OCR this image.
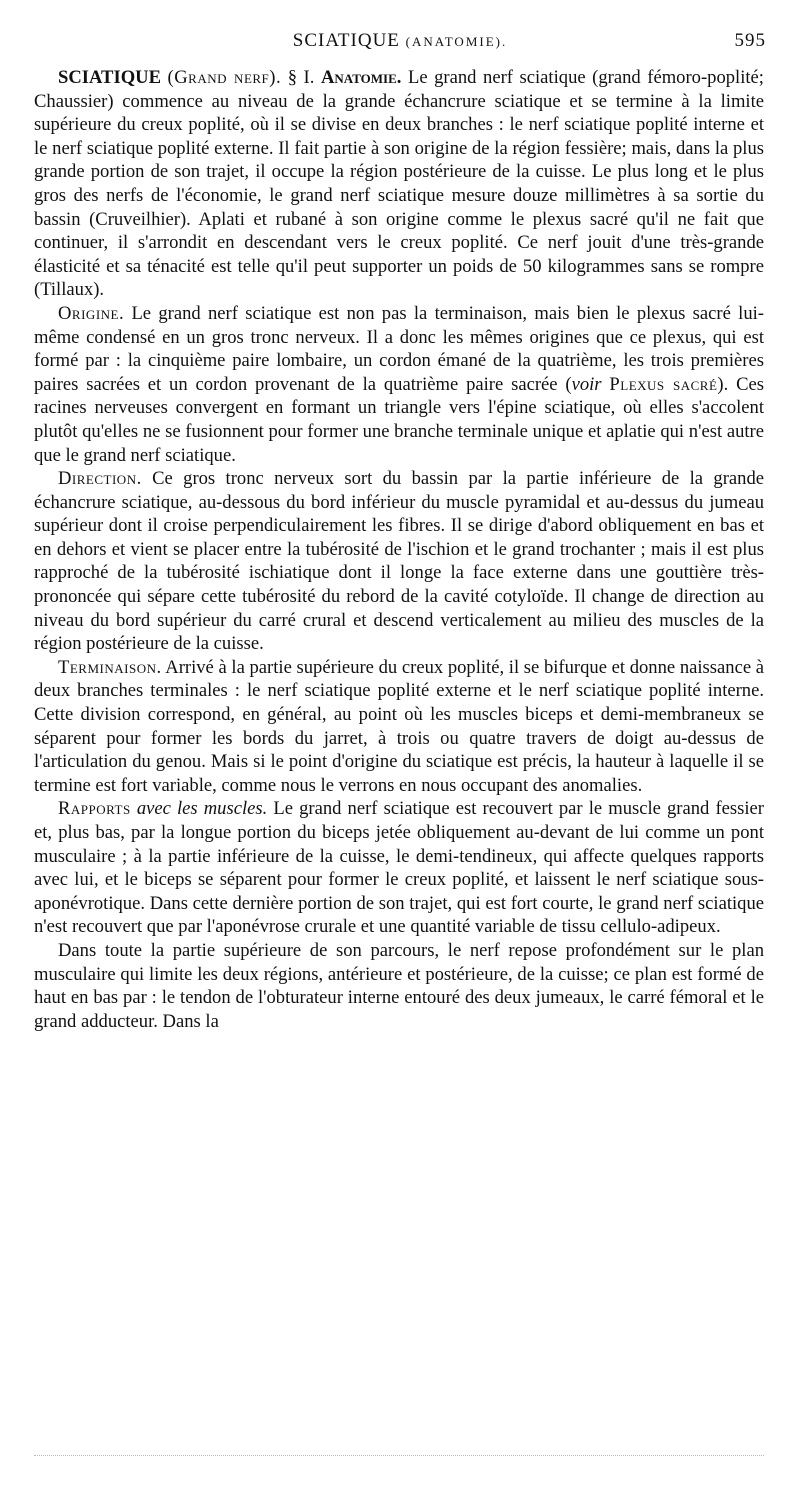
SCIATIQUE (ANATOMIE).	595

SCIATIQUE (Grand nerf). § I. Anatomie. Le grand nerf sciatique (grand fémoro-poplité; Chaussier) commence au niveau de la grande échancrure sciatique et se termine à la limite supérieure du creux poplité, où il se divise en deux branches : le nerf sciatique poplité interne et le nerf sciatique poplité externe. Il fait partie à son origine de la région fessière; mais, dans la plus grande portion de son trajet, il occupe la région postérieure de la cuisse. Le plus long et le plus gros des nerfs de l'économie, le grand nerf sciatique mesure douze millimètres à sa sortie du bassin (Cruveilhier). Aplati et rubané à son origine comme le plexus sacré qu'il ne fait que continuer, il s'arrondit en descendant vers le creux poplité. Ce nerf jouit d'une très-grande élasticité et sa ténacité est telle qu'il peut supporter un poids de 50 kilogrammes sans se rompre (Tillaux).

Origine. Le grand nerf sciatique est non pas la terminaison, mais bien le plexus sacré lui-même condensé en un gros tronc nerveux. Il a donc les mêmes origines que ce plexus, qui est formé par : la cinquième paire lombaire, un cordon émané de la quatrième, les trois premières paires sacrées et un cordon provenant de la quatrième paire sacrée (voir Plexus sacré). Ces racines nerveuses convergent en formant un triangle vers l'épine sciatique, où elles s'accolent plutôt qu'elles ne se fusionnent pour former une branche terminale unique et aplatie qui n'est autre que le grand nerf sciatique.

Direction. Ce gros tronc nerveux sort du bassin par la partie inférieure de la grande échancrure sciatique, au-dessous du bord inférieur du muscle pyramidal et au-dessus du jumeau supérieur dont il croise perpendiculairement les fibres. Il se dirige d'abord obliquement en bas et en dehors et vient se placer entre la tubérosité de l'ischion et le grand trochanter ; mais il est plus rapproché de la tubérosité ischiatique dont il longe la face externe dans une gouttière très-prononcée qui sépare cette tubérosité du rebord de la cavité cotyloïde. Il change de direction au niveau du bord supérieur du carré crural et descend verticalement au milieu des muscles de la région postérieure de la cuisse.

Terminaison. Arrivé à la partie supérieure du creux poplité, il se bifurque et donne naissance à deux branches terminales : le nerf sciatique poplité externe et le nerf sciatique poplité interne. Cette division correspond, en général, au point où les muscles biceps et demi-membraneux se séparent pour former les bords du jarret, à trois ou quatre travers de doigt au-dessus de l'articulation du genou. Mais si le point d'origine du sciatique est précis, la hauteur à laquelle il se termine est fort variable, comme nous le verrons en nous occupant des anomalies.

Rapports avec les muscles. Le grand nerf sciatique est recouvert par le muscle grand fessier et, plus bas, par la longue portion du biceps jetée obliquement au-devant de lui comme un pont musculaire ; à la partie inférieure de la cuisse, le demi-tendineux, qui affecte quelques rapports avec lui, et le biceps se séparent pour former le creux poplité, et laissent le nerf sciatique sous-aponévrotique. Dans cette dernière portion de son trajet, qui est fort courte, le grand nerf sciatique n'est recouvert que par l'aponévrose crurale et une quantité variable de tissu cellulo-adipeux.

Dans toute la partie supérieure de son parcours, le nerf repose profondément sur le plan musculaire qui limite les deux régions, antérieure et postérieure, de la cuisse; ce plan est formé de haut en bas par : le tendon de l'obturateur interne entouré des deux jumeaux, le carré fémoral et le grand adducteur. Dans la
